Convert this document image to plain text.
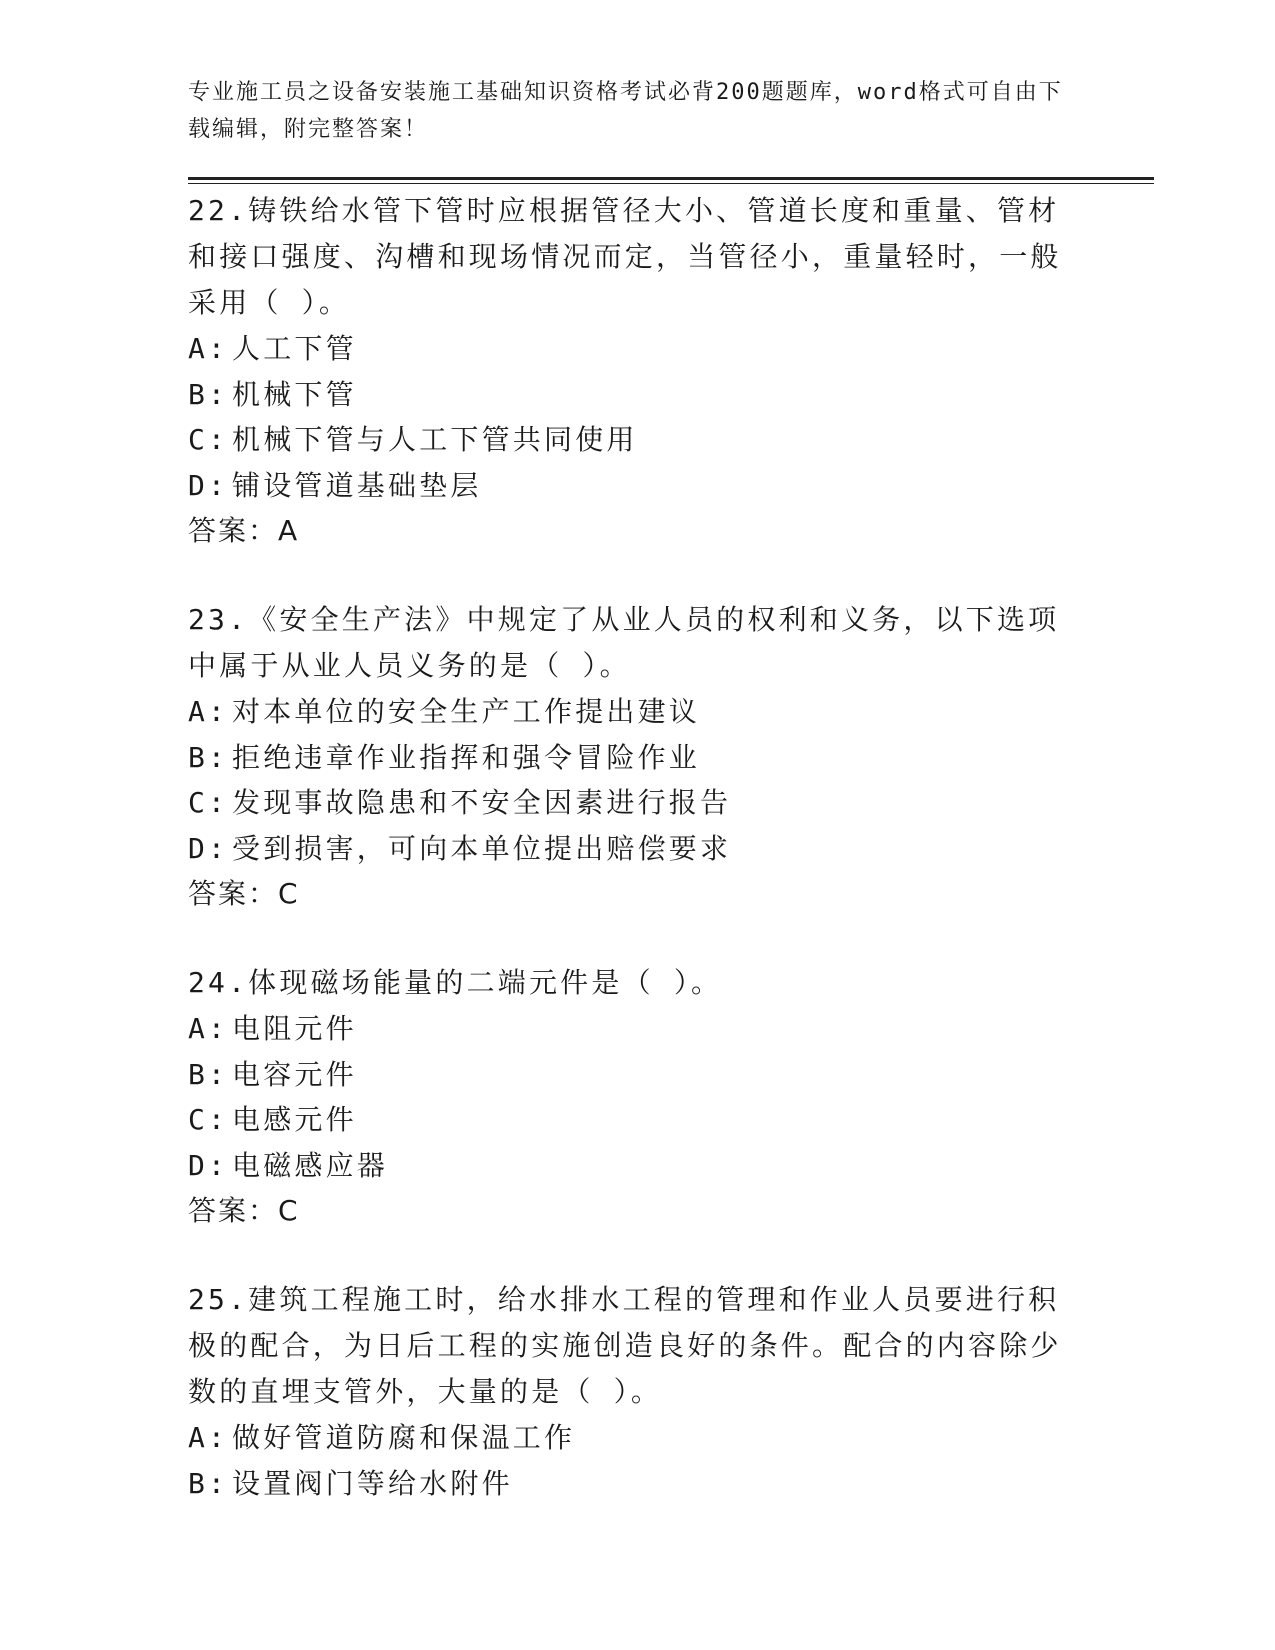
专业施工员之设备安装施工基础知识资格考试必背200题题库，word格式可自由下载编辑，附完整答案！
22.铸铁给水管下管时应根据管径大小、管道长度和重量、管材和接口强度、沟槽和现场情况而定，当管径小，重量轻时，一般采用（ ）。
A: 人工下管
B: 机械下管
C: 机械下管与人工下管共同使用
D: 铺设管道基础垫层
答案：A
23.《安全生产法》中规定了从业人员的权利和义务，以下选项中属于从业人员义务的是（ ）。
A: 对本单位的安全生产工作提出建议
B: 拒绝违章作业指挥和强令冒险作业
C: 发现事故隐患和不安全因素进行报告
D: 受到损害，可向本单位提出赔偿要求
答案：C
24.体现磁场能量的二端元件是（ ）。
A: 电阻元件
B: 电容元件
C: 电感元件
D: 电磁感应器
答案：C
25.建筑工程施工时，给水排水工程的管理和作业人员要进行积极的配合，为日后工程的实施创造良好的条件。配合的内容除少数的直埋支管外，大量的是（ ）。
A: 做好管道防腐和保温工作
B: 设置阀门等给水附件
